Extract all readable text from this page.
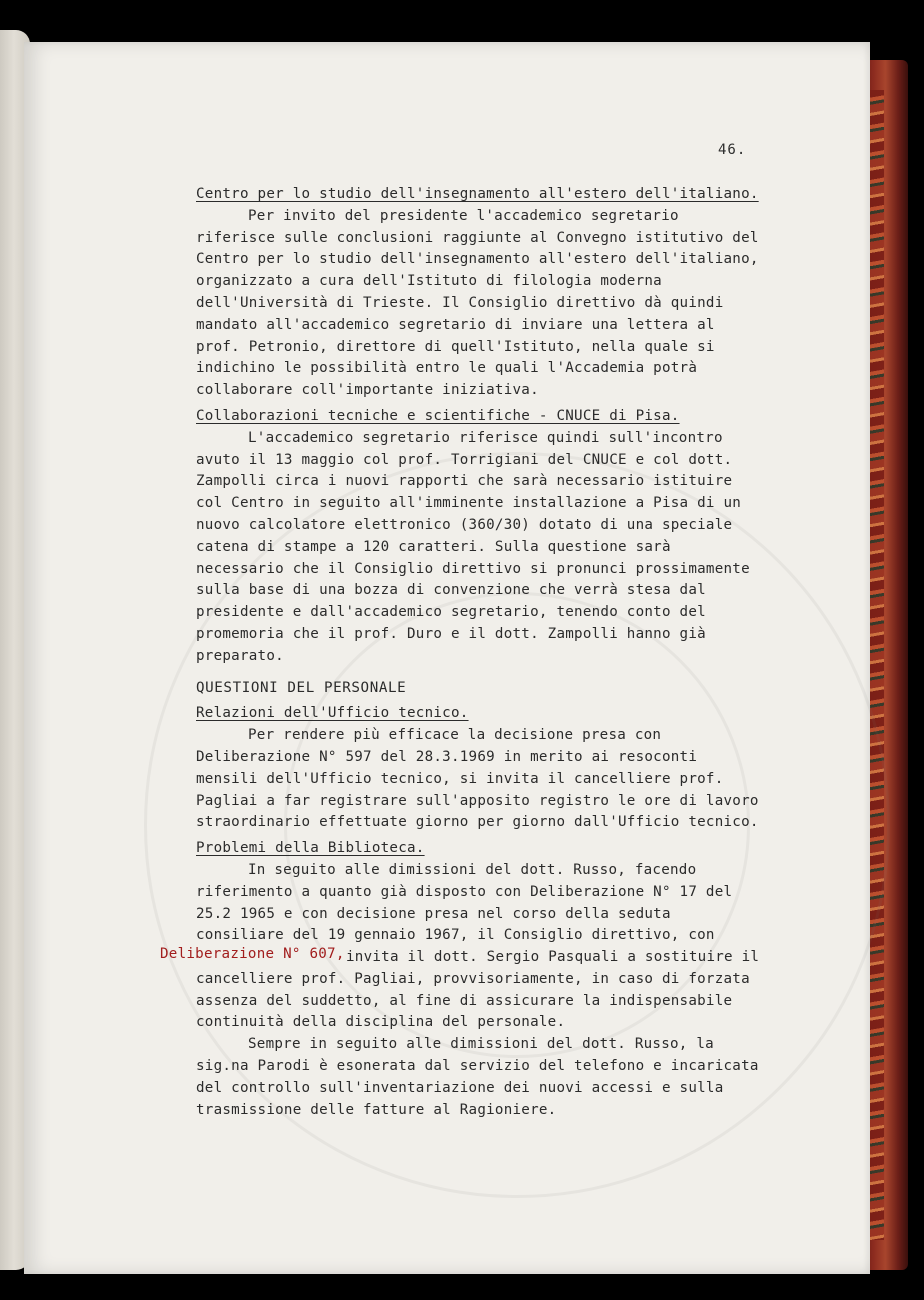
46.

Centro per lo studio dell'insegnamento all'estero dell'italiano.

Per invito del presidente l'accademico segretario riferisce sulle conclusioni raggiunte al Convegno istitutivo del Centro per lo studio dell'insegnamento all'estero dell'italiano, organizzato a cura dell'Istituto di filologia moderna dell'Università di Trieste. Il Consiglio direttivo dà quindi mandato all'accademico segretario di inviare una lettera al prof. Petronio, direttore di quell'Istituto, nella quale si indichino le possibilità entro le quali l'Accademia potrà collaborare coll'importante iniziativa.

Collaborazioni tecniche e scientifiche - CNUCE di Pisa.

L'accademico segretario riferisce quindi sull'incontro avuto il 13 maggio col prof. Torrigiani del CNUCE e col dott. Zampolli circa i nuovi rapporti che sarà necessario istituire col Centro in seguito all'imminente installazione a Pisa di un nuovo calcolatore elettronico (360/30) dotato di una speciale catena di stampe a 120 caratteri. Sulla questione sarà necessario che il Consiglio direttivo si pronunci prossimamente sulla base di una bozza di convenzione che verrà stesa dal presidente e dall'accademico segretario, tenendo conto del promemoria che il prof. Duro e il dott. Zampolli hanno già preparato.

QUESTIONI DEL PERSONALE

Relazioni dell'Ufficio tecnico.

Per rendere più efficace la decisione presa con Deliberazione N° 597 del 28.3.1969 in merito ai resoconti mensili dell'Ufficio tecnico, si invita il cancelliere prof. Pagliai a far registrare sull'apposito registro le ore di lavoro straordinario effettuate giorno per giorno dall'Ufficio tecnico.

Problemi della Biblioteca.

In seguito alle dimissioni del dott. Russo, facendo riferimento a quanto già disposto con Deliberazione N° 17 del 25.2 1965 e con decisione presa nel corso della seduta consiliare del 19 gennaio 1967, il Consiglio direttivo, con

invita il dott. Sergio Pasquali a sostituire il cancelliere prof. Pagliai, provvisoriamente, in caso di forzata assenza del suddetto, al fine di assicurare la indispensabile continuità della disciplina del personale.

Sempre in seguito alle dimissioni del dott. Russo, la sig.na Parodi è esonerata dal servizio del telefono e incaricata del controllo sull'inventariazione dei nuovi accessi e sulla trasmissione delle fatture al Ragioniere.

Deliberazione N° 607,
